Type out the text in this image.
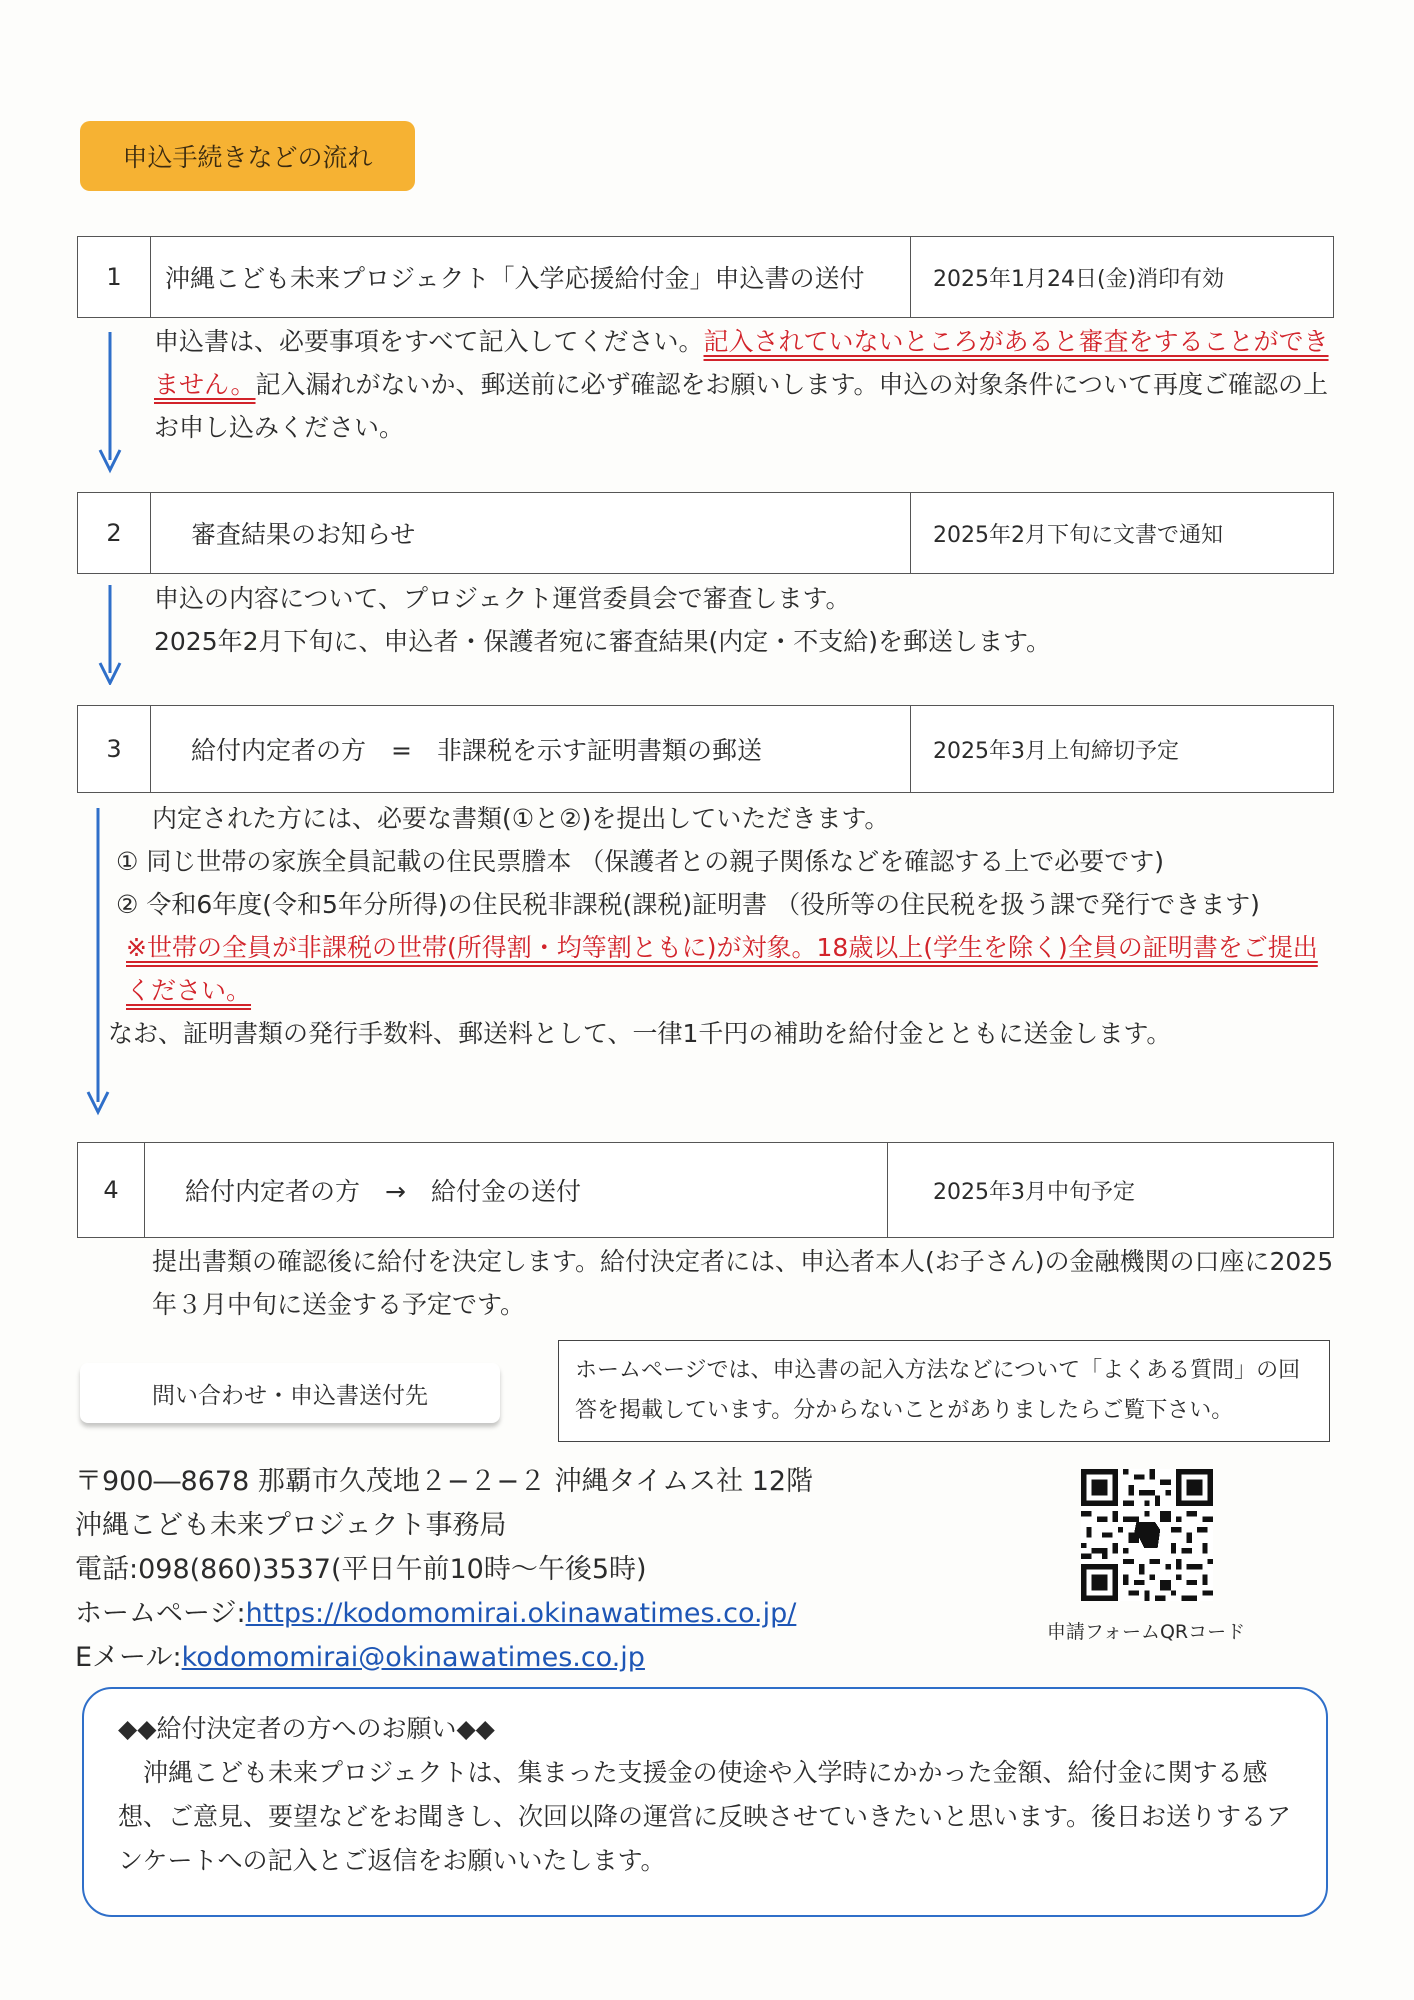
申込手続きなどの流れ
1	沖縄こども未来プロジェクト「入学応援給付金」申込書の送付	2025年1月24日(金)消印有効
申込書は、必要事項をすべて記入してください。記入されていないところがあると審査をすることができません。記入漏れがないか、郵送前に必ず確認をお願いします。申込の対象条件について再度ご確認の上お申し込みください。
2	審査結果のお知らせ	2025年2月下旬に文書で通知
申込の内容について、プロジェクト運営委員会で審査します。
2025年2月下旬に、申込者・保護者宛に審査結果(内定・不支給)を郵送します。
3	給付内定者の方　=　非課税を示す証明書類の郵送	2025年3月上旬締切予定
内定された方には、必要な書類(①と②)を提出していただきます。
① 同じ世帯の家族全員記載の住民票謄本 （保護者との親子関係などを確認する上で必要です)
② 令和6年度(令和5年分所得)の住民税非課税(課税)証明書 （役所等の住民税を扱う課で発行できます)
※世帯の全員が非課税の世帯(所得割・均等割ともに)が対象。18歳以上(学生を除く)全員の証明書をご提出ください。
なお、証明書類の発行手数料、郵送料として、一律1千円の補助を給付金とともに送金します。
4	給付内定者の方　→　給付金の送付	2025年3月中旬予定
提出書類の確認後に給付を決定します。給付決定者には、申込者本人(お子さん)の金融機関の口座に2025年３月中旬に送金する予定です。
問い合わせ・申込書送付先
ホームページでは、申込書の記入方法などについて「よくある質問」の回答を掲載しています。分からないことがありましたらご覧下さい。
〒900―8678 那覇市久茂地２−２−２ 沖縄タイムス社 12階
沖縄こども未来プロジェクト事務局
電話:098(860)3537(平日午前10時～午後5時)
ホームページ:https://kodomomirai.okinawatimes.co.jp/
Eメール:kodomomirai@okinawatimes.co.jp
申請フォームQRコード
◆◆給付決定者の方へのお願い◆◆
沖縄こども未来プロジェクトは、集まった支援金の使途や入学時にかかった金額、給付金に関する感想、ご意見、要望などをお聞きし、次回以降の運営に反映させていきたいと思います。後日お送りするアンケートへの記入とご返信をお願いいたします。
